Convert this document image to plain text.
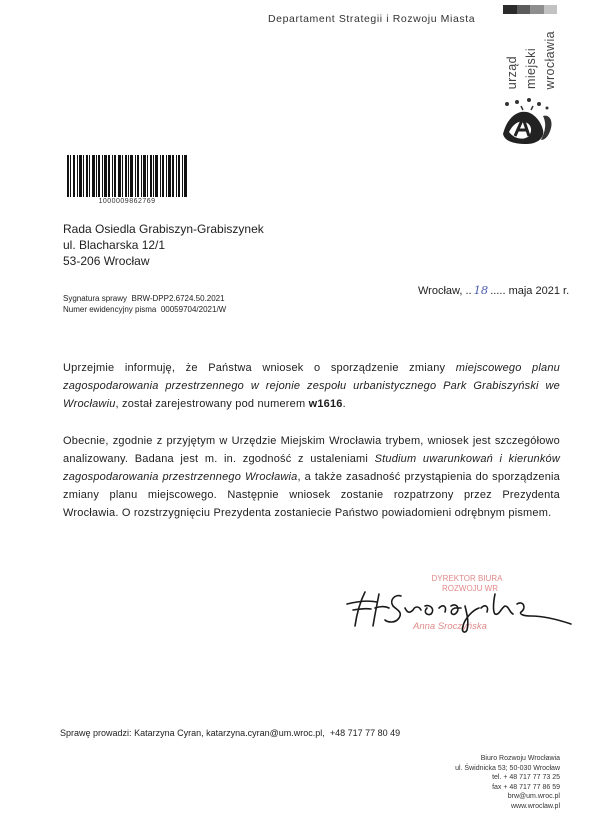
Departament Strategii i Rozwoju Miasta
urząd miejski wrocławia
1000009862769
Rada Osiedla Grabiszyn-Grabiszynek
ul. Blacharska 12/1
53-206 Wrocław
Wrocław, .. 18 ..... maja 2021 r.
Sygnatura sprawy BRW-DPP2.6724.50.2021
Numer ewidencyjny pisma 00059704/2021/W
Uprzejmie informuję, że Państwa wniosek o sporządzenie zmiany miejscowego planu zagospodarowania przestrzennego w rejonie zespołu urbanistycznego Park Grabiszyński we Wrocławiu, został zarejestrowany pod numerem w1616.
Obecnie, zgodnie z przyjętym w Urzędzie Miejskim Wrocławia trybem, wniosek jest szczegółowo analizowany. Badana jest m. in. zgodność z ustaleniami Studium uwarunkowań i kierunków zagospodarowania przestrzennego Wrocławia, a także zasadność przystąpienia do sporządzenia zmiany planu miejscowego. Następnie wniosek zostanie rozpatrzony przez Prezydenta Wrocławia. O rozstrzygnięciu Prezydenta zostaniecie Państwo powiadomieni odrębnym pismem.
DYREKTOR BIURA
ROZWOJU WR
Anna Sroczyńska
Sprawę prowadzi: Katarzyna Cyran, katarzyna.cyran@um.wroc.pl,  +48 717 77 80 49
Biuro Rozwoju Wrocławia
ul. Świdnicka 53; 50-030 Wrocław
tel. + 48 717 77 73 25
fax + 48 717 77 86 59
brw@um.wroc.pl
www.wroclaw.pl
